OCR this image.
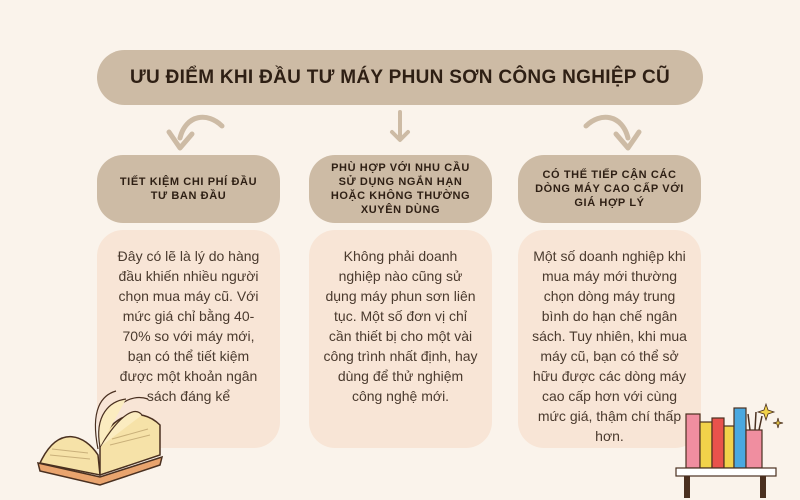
ƯU ĐIỂM KHI ĐẦU TƯ MÁY PHUN SƠN CÔNG NGHIỆP CŨ
TIẾT KIỆM CHI PHÍ ĐẦU TƯ BAN ĐẦU
Đây có lẽ là lý do hàng đầu khiến nhiều người chọn mua máy cũ. Với mức giá chỉ bằng 40-70% so với máy mới, bạn có thể tiết kiệm được một khoản ngân sách đáng kể
PHÙ HỢP VỚI NHU CẦU SỬ DỤNG NGẮN HẠN HOẶC KHÔNG THƯỜNG XUYÊN DÙNG
Không phải doanh nghiệp nào cũng sử dụng máy phun sơn liên tục. Một số đơn vị chỉ cần thiết bị cho một vài công trình nhất định, hay dùng để thử nghiệm công nghệ mới.
CÓ THỂ TIẾP CẬN CÁC DÒNG MÁY CAO CẤP VỚI GIÁ HỢP LÝ
Một số doanh nghiệp khi mua máy mới thường chọn dòng máy trung bình do hạn chế ngân sách. Tuy nhiên, khi mua máy cũ, bạn có thể sở hữu được các dòng máy cao cấp hơn với cùng mức giá, thậm chí thấp hơn.
